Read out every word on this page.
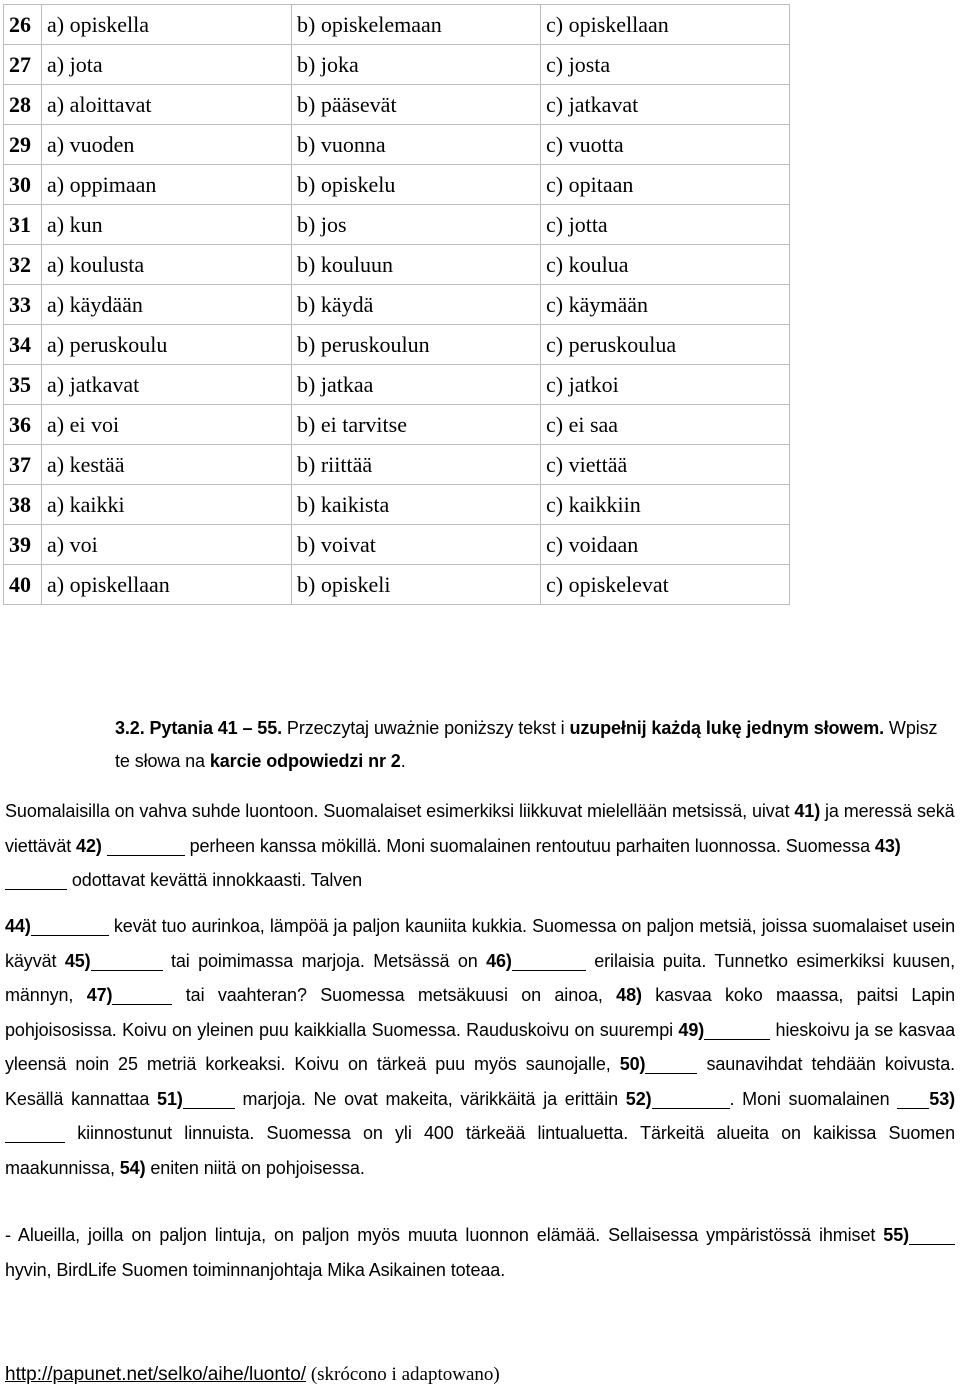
26	a) opiskella	b) opiskelemaan	c) opiskellaan
27	a) jota	b) joka	c) josta
28	a) aloittavat	b) pääsevät	c) jatkavat
29	a) vuoden	b) vuonna	c) vuotta
30	a) oppimaan	b) opiskelu	c) opitaan
31	a) kun	b) jos	c) jotta
32	a) koulusta	b) kouluun	c) koulua
33	a) käydään	b) käydä	c) käymään
34	a) peruskoulu	b) peruskoulun	c) peruskoulua
35	a) jatkavat	b) jatkaa	c) jatkoi
36	a) ei voi	b) ei tarvitse	c) ei saa
37	a) kestää	b) riittää	c) viettää
38	a) kaikki	b) kaikista	c) kaikkiin
39	a) voi	b) voivat	c) voidaan
40	a) opiskellaan	b) opiskeli	c) opiskelevat
3.2. Pytania 41 – 55. Przeczytaj uważnie poniższy tekst i uzupełnij każdą lukę jednym słowem. Wpisz te słowa na karcie odpowiedzi nr 2.
Suomalaisilla on vahva suhde luontoon. Suomalaiset esimerkiksi liikkuvat mielellään metsissä, uivat 41) ja meressä sekä viettävät 42)	perheen kanssa mökillä. Moni suomalainen rentoutuu parhaiten luonnossa. Suomessa 43)  odottavat kevättä innokkaasti. Talven
44)	kevät tuo aurinkoa, lämpöä ja paljon kauniita kukkia. Suomessa on paljon metsiä, joissa suomalaiset usein käyvät 45)	tai poimimassa marjoja. Metsässä on 46)	erilaisia puita. Tunnetko esimerkiksi kuusen, männyn, 47)	tai vaahteran? Suomessa metsäkuusi on ainoa, 48) kasvaa koko maassa, paitsi Lapin pohjoisosissa. Koivu on yleinen puu kaikkialla Suomessa. Rauduskoivu on suurempi 49)	hieskoivu ja se kasvaa yleensä noin 25 metriä korkeaksi. Koivu on tärkeä puu myös saunojalle, 50)	saunavihdat tehdään koivusta. Kesällä kannattaa 51)	marjoja. Ne ovat makeita, värikkäitä ja erittäin 52)	. Moni suomalainen 53) kiinnostunut linnuista. Suomessa on yli 400 tärkeää lintualuetta. Tärkeitä alueita on kaikissa Suomen maakunnissa, 54) eniten niitä on pohjoisessa.
- Alueilla, joilla on paljon lintuja, on paljon myös muuta luonnon elämää. Sellaisessa ympäristössä ihmiset 55) hyvin, BirdLife Suomen toiminnanjohtaja Mika Asikainen toteaa.
http://papunet.net/selko/aihe/luonto/ (skrócono i adaptowano)
